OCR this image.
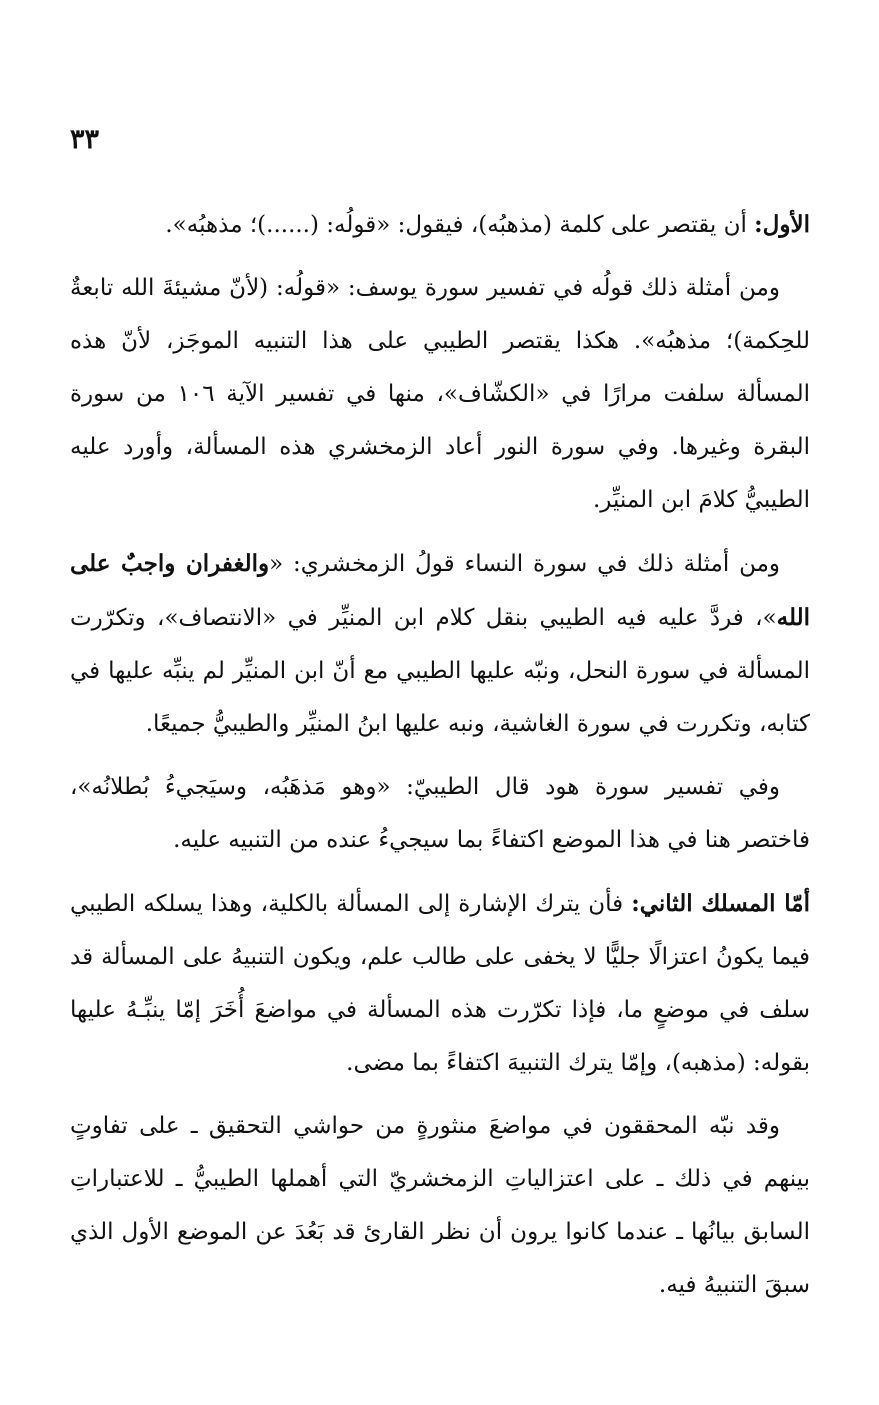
٣٣

الأول: أن يقتصر على كلمة (مذهبُه)، فيقول: «قولُه: (......)؛ مذهبُه».

ومن أمثلة ذلك قولُه في تفسير سورة يوسف: «قولُه: (لأنّ مشيئةَ الله تابعةٌ للحِكمة)؛ مذهبُه». هكذا يقتصر الطيبي على هذا التنبيه الموجَز، لأنّ هذه المسألة سلفت مرارًا في «الكشّاف»، منها في تفسير الآية ١٠٦ من سورة البقرة وغيرها. وفي سورة النور أعاد الزمخشري هذه المسألة، وأورد عليه الطيبيُّ كلامَ ابن المنيِّر.

ومن أمثلة ذلك في سورة النساء قولُ الزمخشري: «والغفران واجبٌ على الله»، فردَّ عليه فيه الطيبي بنقل كلام ابن المنيِّر في «الانتصاف»، وتكرّرت المسألة في سورة النحل، ونبّه عليها الطيبي مع أنّ ابن المنيِّر لم ينبِّه عليها في كتابه، وتكررت في سورة الغاشية، ونبه عليها ابنُ المنيِّر والطيبيُّ جميعًا.

وفي تفسير سورة هود قال الطيبيّ: «وهو مَذهَبُه، وسيَجيءُ بُطلانُه»، فاختصر هنا في هذا الموضع اكتفاءً بما سيجيءُ عنده من التنبيه عليه.

أمّا المسلك الثاني: فأن يترك الإشارة إلى المسألة بالكلية، وهذا يسلكه الطيبي فيما يكونُ اعتزالًا جليًّا لا يخفى على طالب علم، ويكون التنبيهُ على المسألة قد سلف في موضعٍ ما، فإذا تكرّرت هذه المسألة في مواضعَ أُخَرَ إمّا ينبِّـهُ عليها بقوله: (مذهبه)، وإمّا يترك التنبيهَ اكتفاءً بما مضى.

وقد نبّه المحققون في مواضعَ منثورةٍ من حواشي التحقيق ـ على تفاوتٍ بينهم في ذلك ـ على اعتزالياتِ الزمخشريّ التي أهملها الطيبيُّ ـ للاعتباراتِ السابق بيانُها ـ عندما كانوا يرون أن نظر القارئ قد بَعُدَ عن الموضع الأول الذي سبقَ التنبيهُ فيه.
